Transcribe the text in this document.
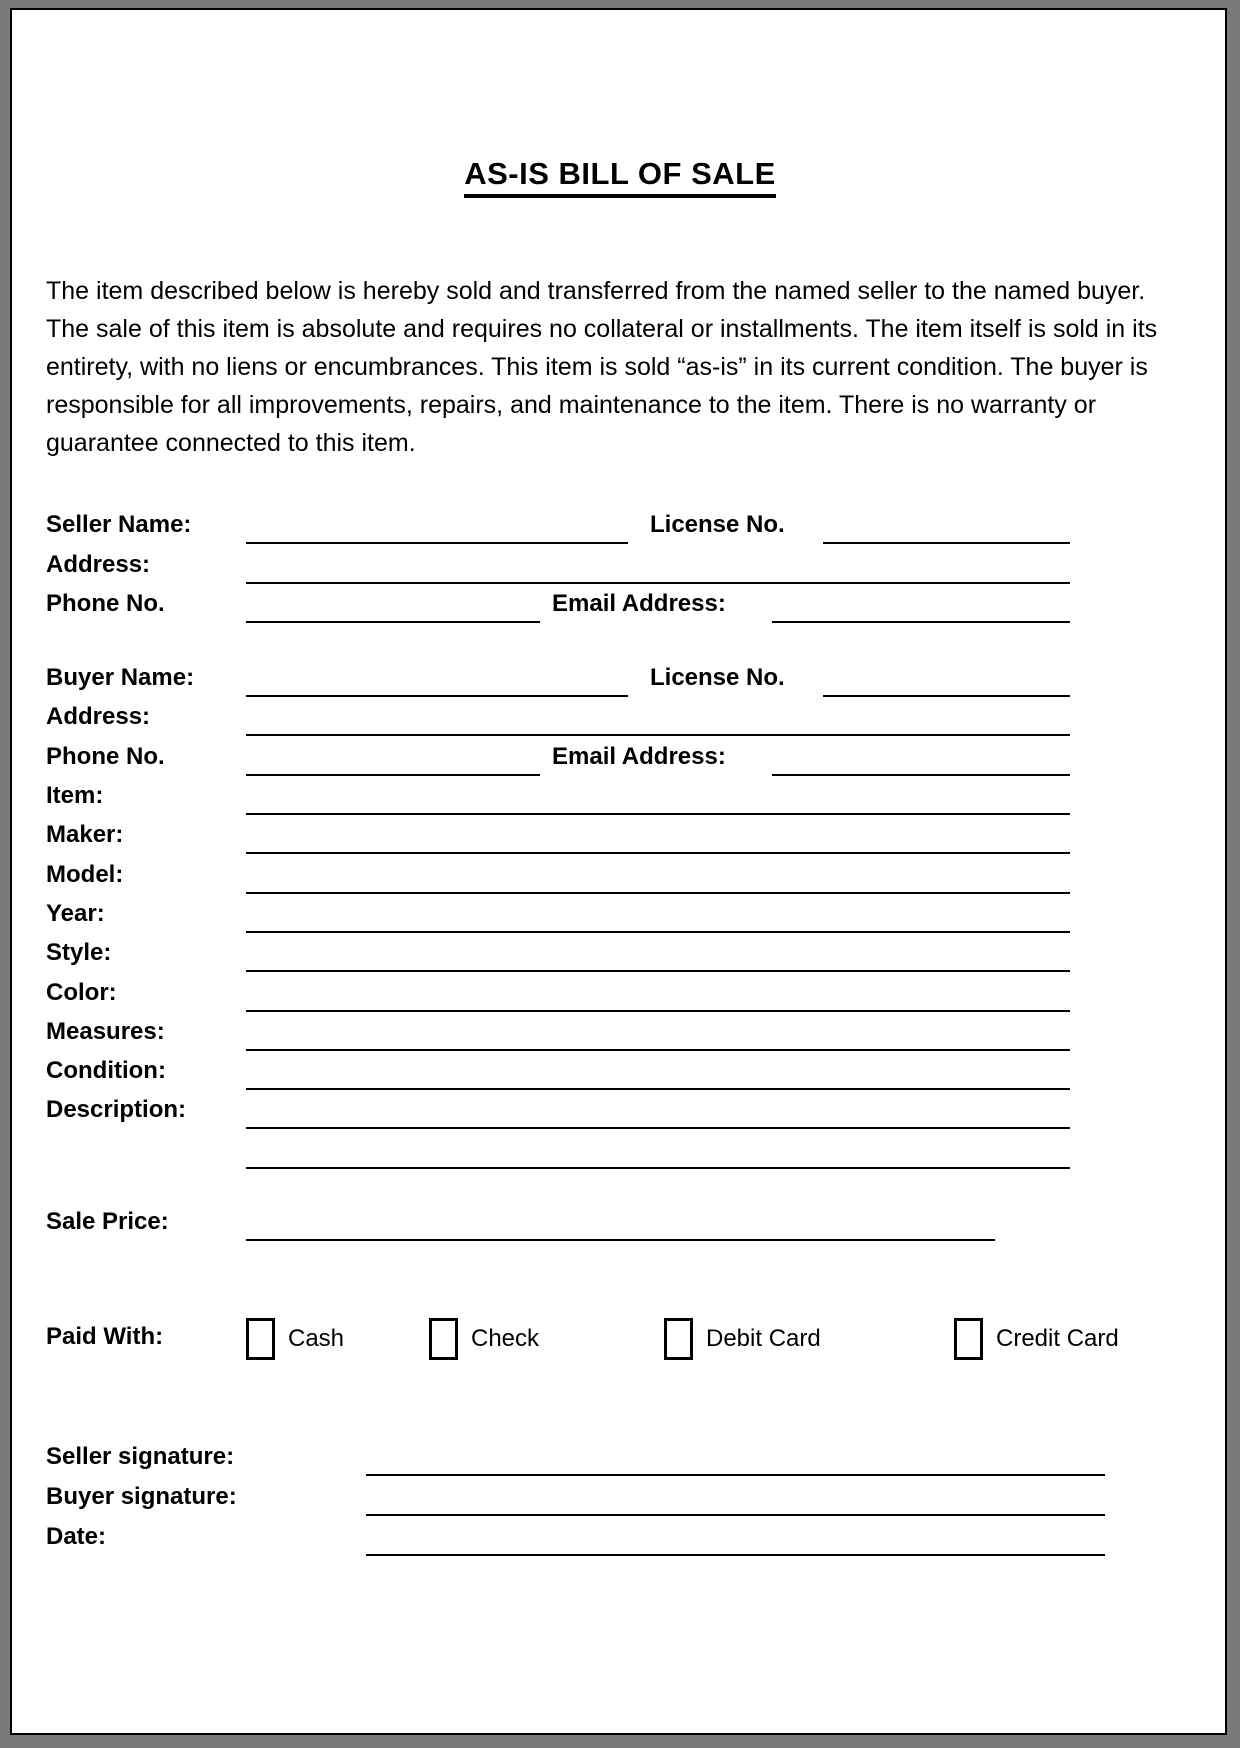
AS-IS BILL OF SALE

The item described below is hereby sold and transferred from the named seller to the named buyer. The sale of this item is absolute and requires no collateral or installments. The item itself is sold in its entirety, with no liens or encumbrances. This item is sold “as-is” in its current condition. The buyer is responsible for all improvements, repairs, and maintenance to the item. There is no warranty or guarantee connected to this item.

Seller Name:	License No.
Address:
Phone No.	Email Address:
Buyer Name:	License No.
Address:
Phone No.	Email Address:
Item:
Maker:
Model:
Year:
Style:
Color:
Measures:
Condition:
Description:
Sale Price:
Paid With:	Cash	Check	Debit Card	Credit Card
Seller signature:
Buyer signature:
Date:
